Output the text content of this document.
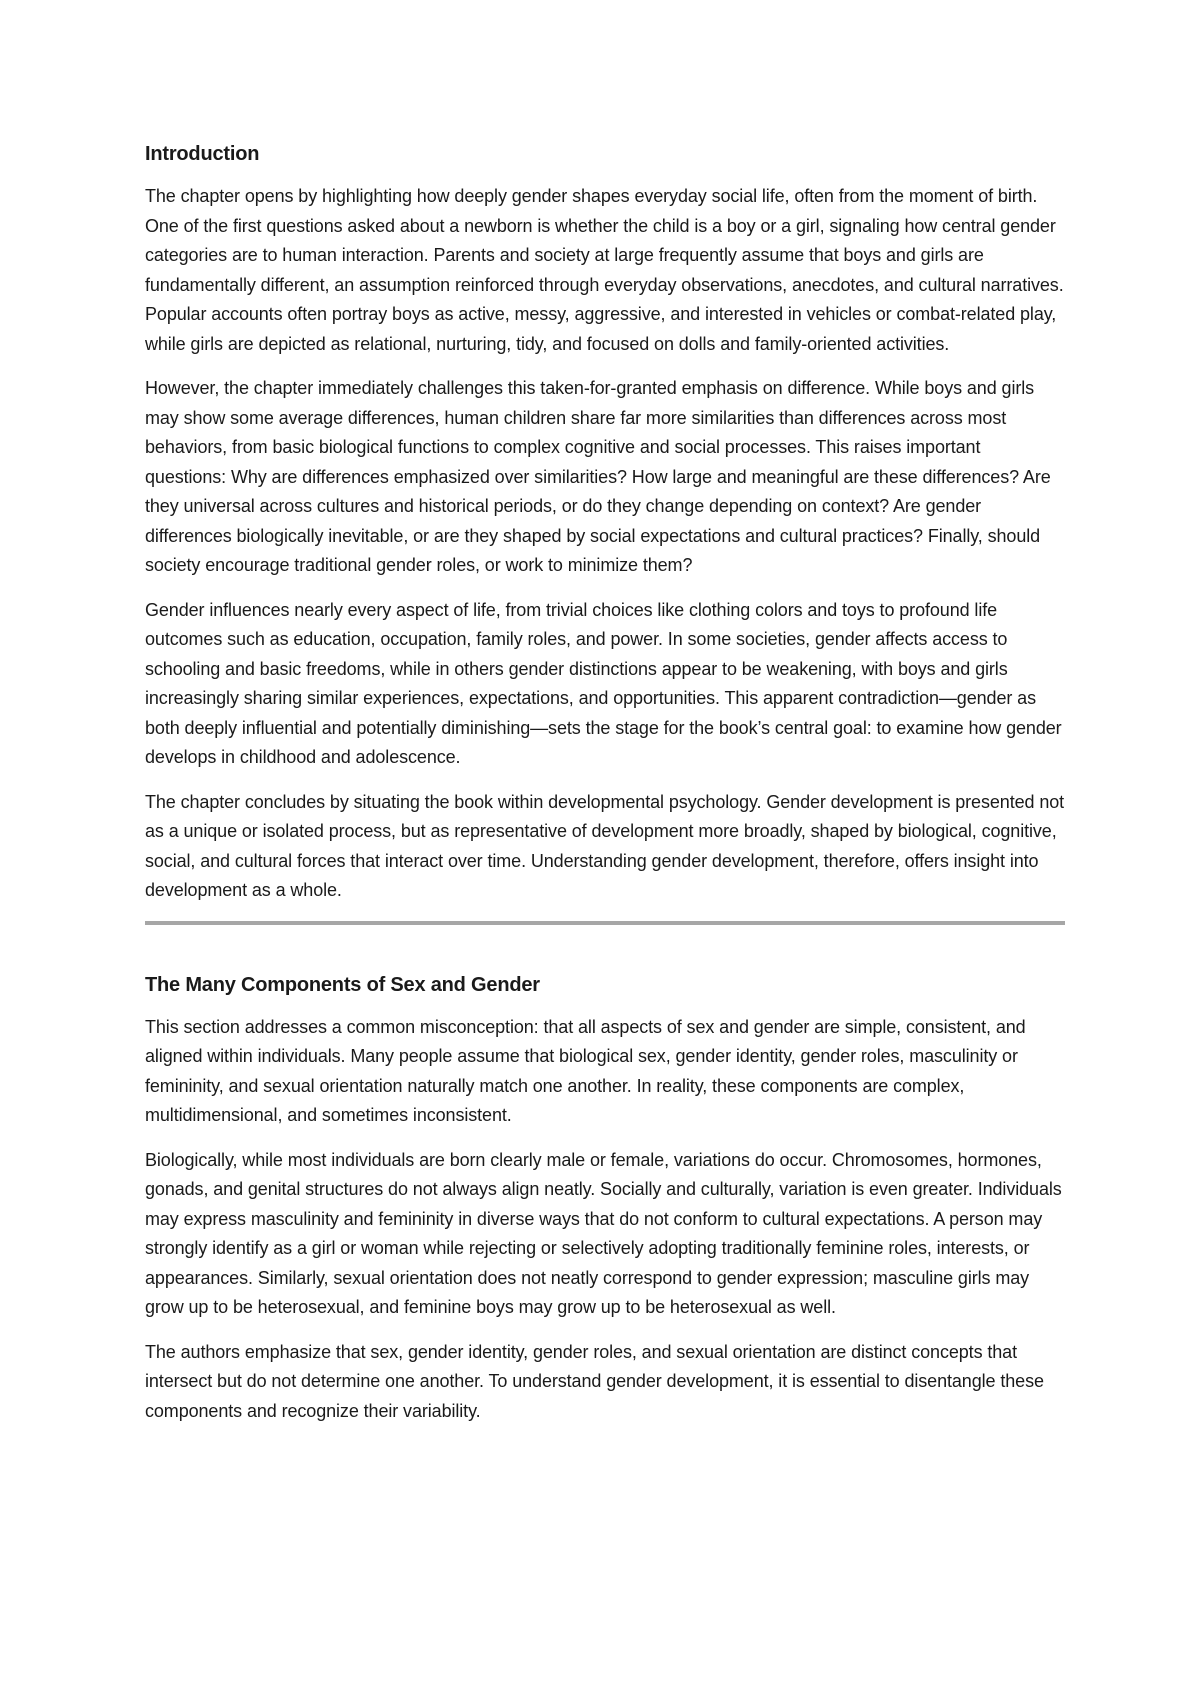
Introduction

The chapter opens by highlighting how deeply gender shapes everyday social life, often from the moment of birth. One of the first questions asked about a newborn is whether the child is a boy or a girl, signaling how central gender categories are to human interaction. Parents and society at large frequently assume that boys and girls are fundamentally different, an assumption reinforced through everyday observations, anecdotes, and cultural narratives. Popular accounts often portray boys as active, messy, aggressive, and interested in vehicles or combat-related play, while girls are depicted as relational, nurturing, tidy, and focused on dolls and family-oriented activities.

However, the chapter immediately challenges this taken-for-granted emphasis on difference. While boys and girls may show some average differences, human children share far more similarities than differences across most behaviors, from basic biological functions to complex cognitive and social processes. This raises important questions: Why are differences emphasized over similarities? How large and meaningful are these differences? Are they universal across cultures and historical periods, or do they change depending on context? Are gender differences biologically inevitable, or are they shaped by social expectations and cultural practices? Finally, should society encourage traditional gender roles, or work to minimize them?

Gender influences nearly every aspect of life, from trivial choices like clothing colors and toys to profound life outcomes such as education, occupation, family roles, and power. In some societies, gender affects access to schooling and basic freedoms, while in others gender distinctions appear to be weakening, with boys and girls increasingly sharing similar experiences, expectations, and opportunities. This apparent contradiction—gender as both deeply influential and potentially diminishing—sets the stage for the book’s central goal: to examine how gender develops in childhood and adolescence.

The chapter concludes by situating the book within developmental psychology. Gender development is presented not as a unique or isolated process, but as representative of development more broadly, shaped by biological, cognitive, social, and cultural forces that interact over time. Understanding gender development, therefore, offers insight into development as a whole.

The Many Components of Sex and Gender

This section addresses a common misconception: that all aspects of sex and gender are simple, consistent, and aligned within individuals. Many people assume that biological sex, gender identity, gender roles, masculinity or femininity, and sexual orientation naturally match one another. In reality, these components are complex, multidimensional, and sometimes inconsistent.

Biologically, while most individuals are born clearly male or female, variations do occur. Chromosomes, hormones, gonads, and genital structures do not always align neatly. Socially and culturally, variation is even greater. Individuals may express masculinity and femininity in diverse ways that do not conform to cultural expectations. A person may strongly identify as a girl or woman while rejecting or selectively adopting traditionally feminine roles, interests, or appearances. Similarly, sexual orientation does not neatly correspond to gender expression; masculine girls may grow up to be heterosexual, and feminine boys may grow up to be heterosexual as well.

The authors emphasize that sex, gender identity, gender roles, and sexual orientation are distinct concepts that intersect but do not determine one another. To understand gender development, it is essential to disentangle these components and recognize their variability.
